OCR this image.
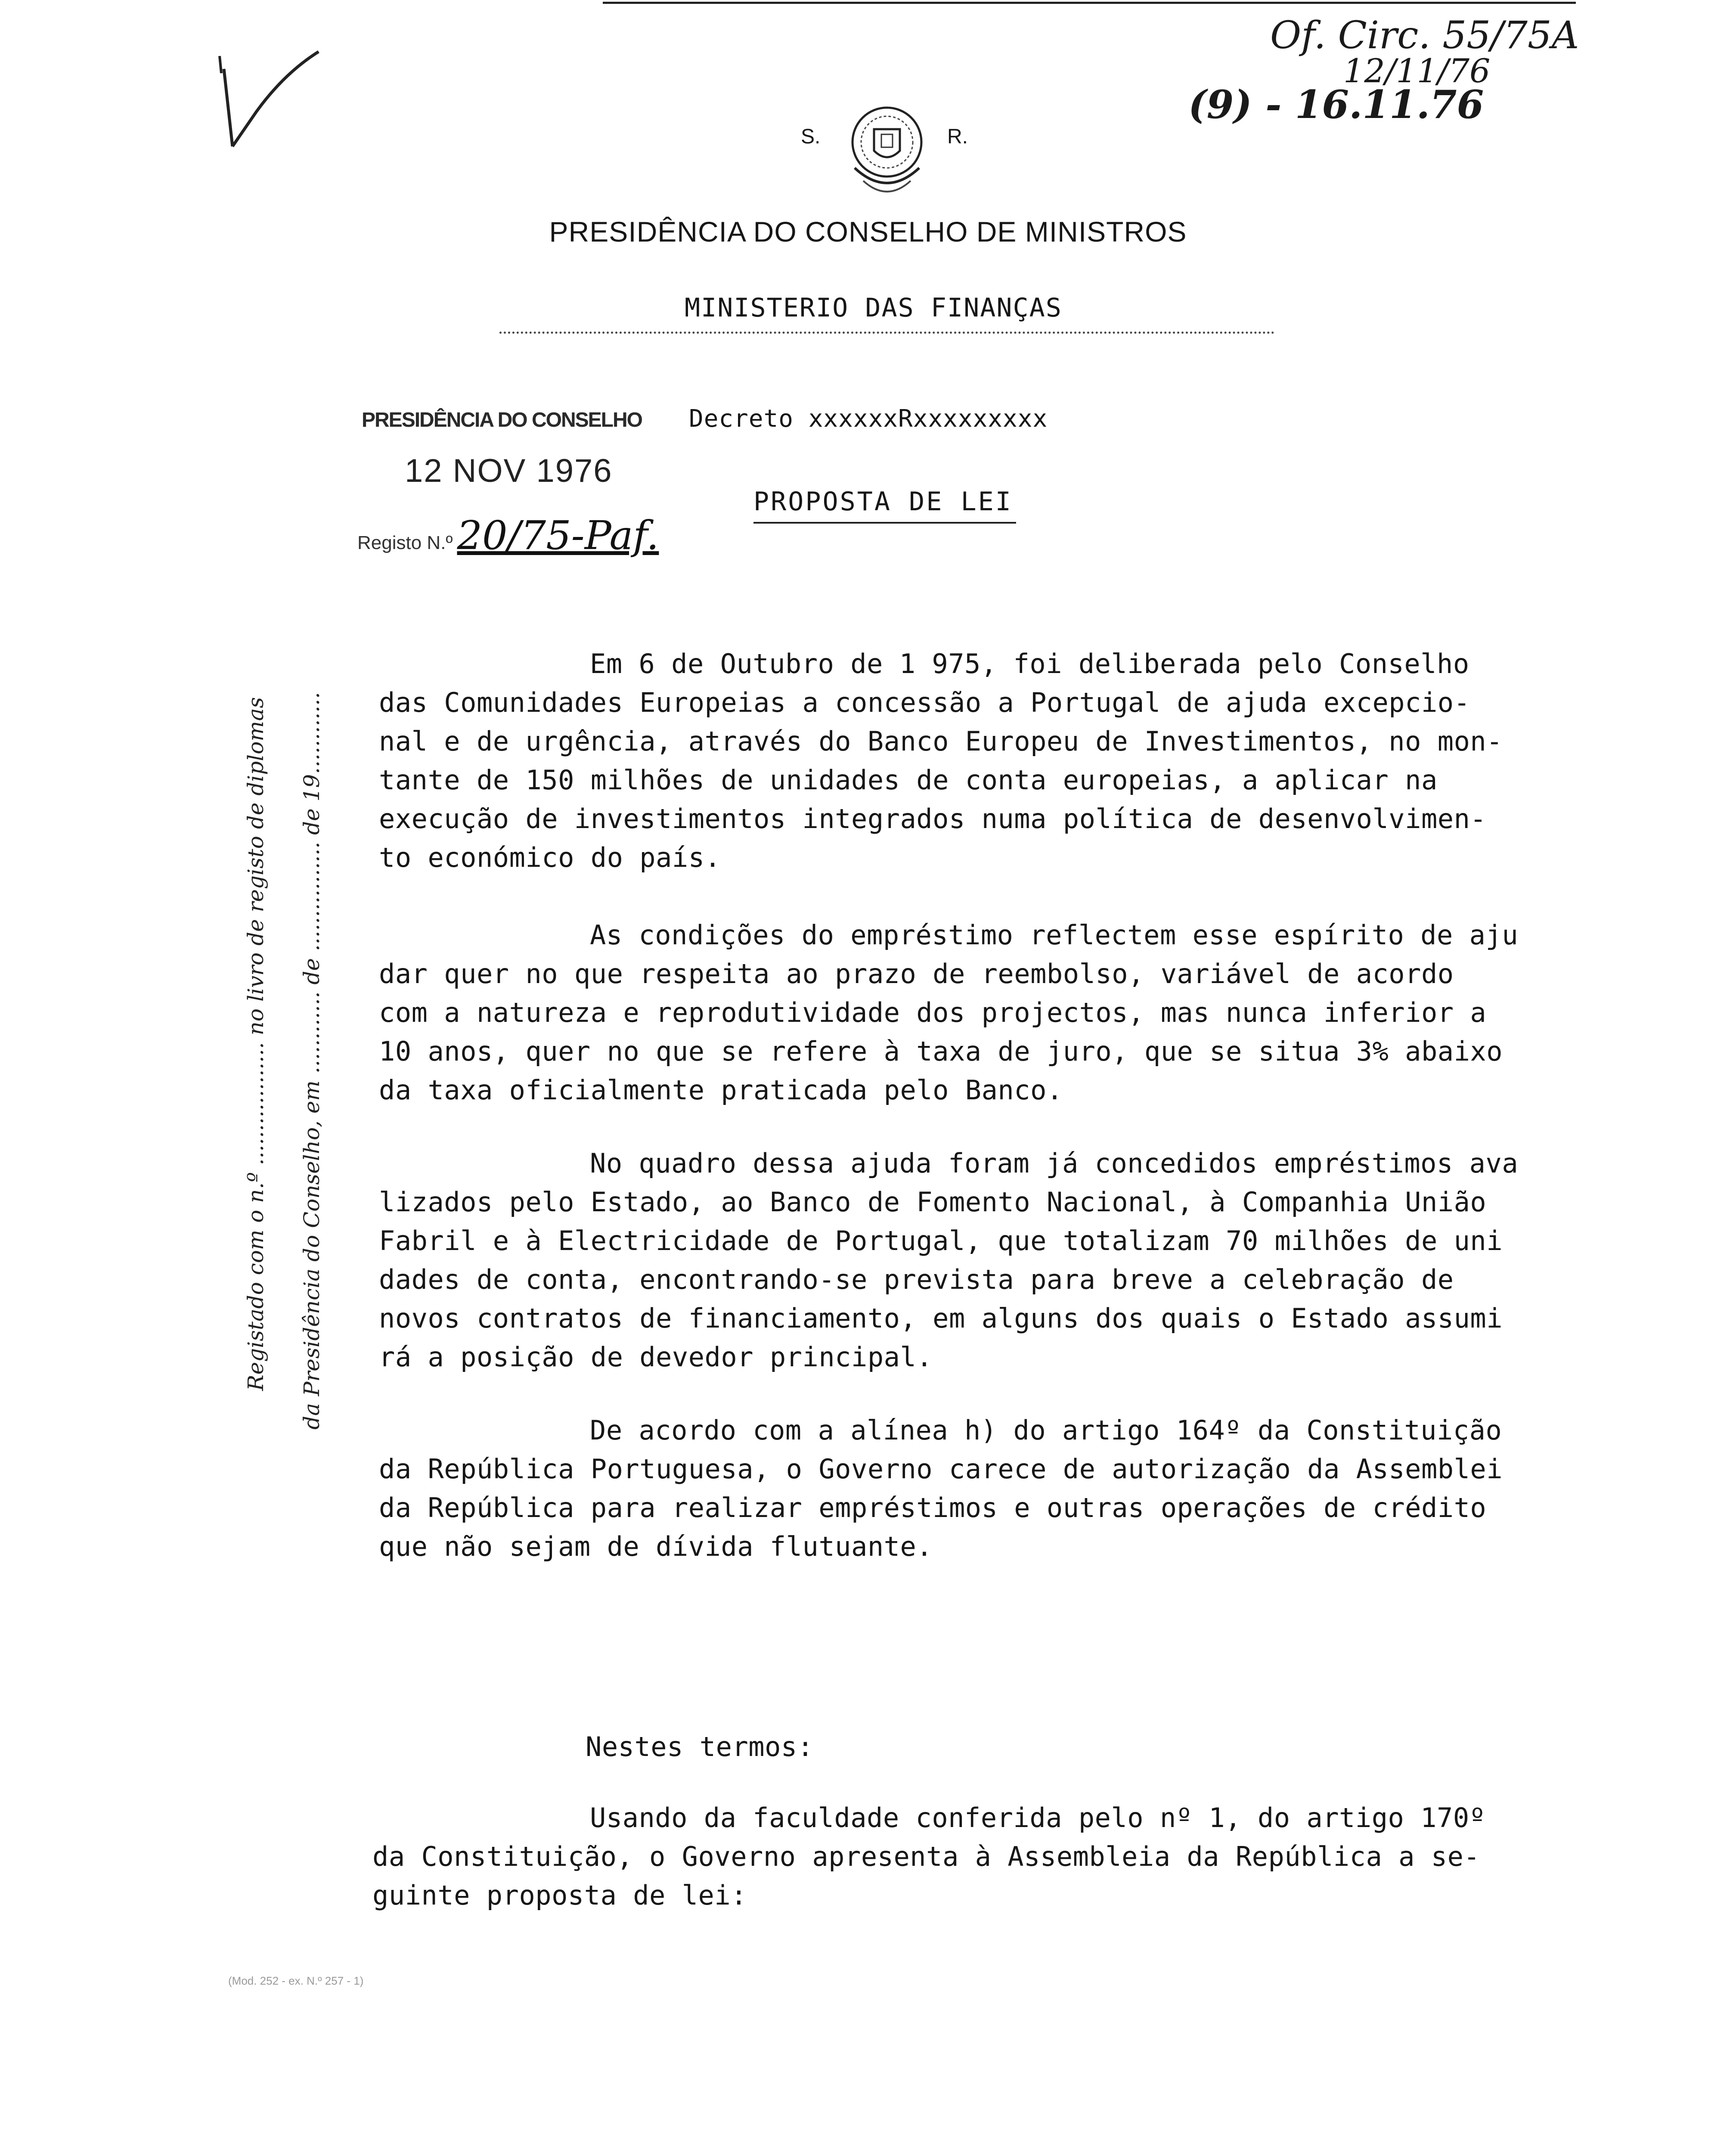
Of. Circ. 55/75A
12/11/76
(9) - 16.11.76
S.	R.
PRESIDÊNCIA DO CONSELHO DE MINISTROS
MINISTERIO DAS FINANÇAS
PRESIDÊNCIA DO CONSELHO
12 NOV 1976
Registo N.º 20/75-Paf.
Decreto xxxxxxRxxxxxxxxx
PROPOSTA DE LEI
Registado com o n.º .................. no livro de registo de diplomas da Presidência do Conselho, em ............ de ................ de 19............
Em 6 de Outubro de 1 975, foi deliberada pelo Conselho
das Comunidades Europeias a concessão a Portugal de ajuda excepcio-
nal e de urgência, através do Banco Europeu de Investimentos, no mon-
tante de 150 milhões de unidades de conta europeias, a aplicar na
execução de investimentos integrados numa política de desenvolvimen-
to económico do país.
As condições do empréstimo reflectem esse espírito de aju
dar quer no que respeita ao prazo de reembolso, variável de acordo
com a natureza e reprodutividade dos projectos, mas nunca inferior a
10 anos, quer no que se refere à taxa de juro, que se situa 3% abaixo
da taxa oficialmente praticada pelo Banco.
No quadro dessa ajuda foram já concedidos empréstimos ava
lizados pelo Estado, ao Banco de Fomento Nacional, à Companhia União
Fabril e à Electricidade de Portugal, que totalizam 70 milhões de uni
dades de conta, encontrando-se prevista para breve a celebração de
novos contratos de financiamento, em alguns dos quais o Estado assumi
rá a posição de devedor principal.
De acordo com a alínea h) do artigo 164º da Constituição
da República Portuguesa, o Governo carece de autorização da Assemblei
da República para realizar empréstimos e outras operações de crédito
que não sejam de dívida flutuante.
Nestes termos:
Usando da faculdade conferida pelo nº 1, do artigo 170º
da Constituição, o Governo apresenta à Assembleia da República a se-
guinte proposta de lei:
(Mod. 252 - ex. N.º 257 - 1)
